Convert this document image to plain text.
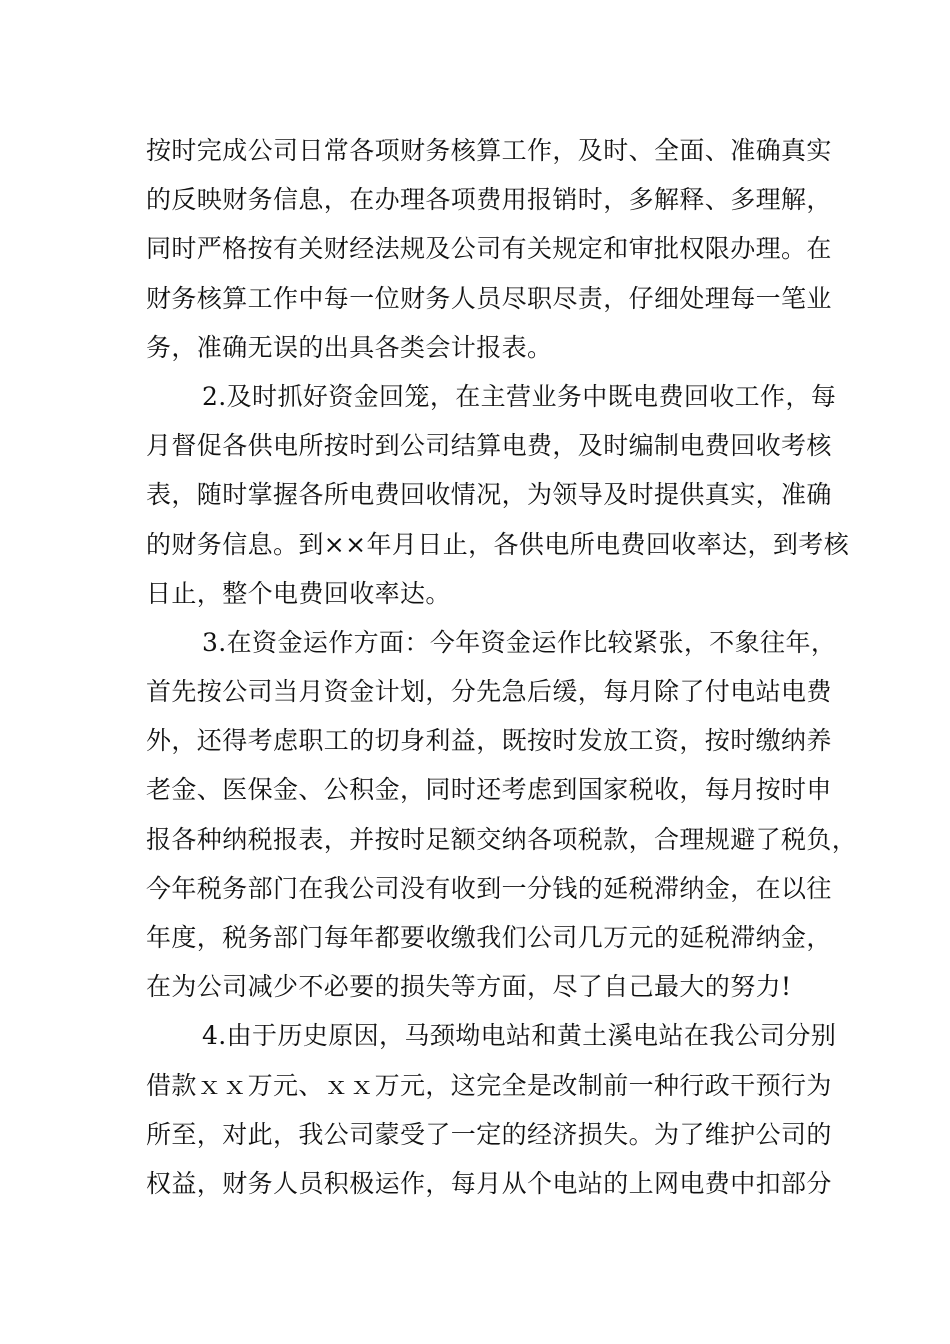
按时完成公司日常各项财务核算工作，及时、全面、准确真实
的反映财务信息，在办理各项费用报销时，多解释、多理解，
同时严格按有关财经法规及公司有关规定和审批权限办理。在
财务核算工作中每一位财务人员尽职尽责，仔细处理每一笔业
务，准确无误的出具各类会计报表。
2.及时抓好资金回笼，在主营业务中既电费回收工作，每
月督促各供电所按时到公司结算电费，及时编制电费回收考核
表，随时掌握各所电费回收情况，为领导及时提供真实，准确
的财务信息。到××年月日止，各供电所电费回收率达，到考核
日止，整个电费回收率达。
3.在资金运作方面：今年资金运作比较紧张，不象往年，
首先按公司当月资金计划，分先急后缓，每月除了付电站电费
外，还得考虑职工的切身利益，既按时发放工资，按时缴纳养
老金、医保金、公积金，同时还考虑到国家税收，每月按时申
报各种纳税报表，并按时足额交纳各项税款，合理规避了税负，
今年税务部门在我公司没有收到一分钱的延税滞纳金，在以往
年度，税务部门每年都要收缴我们公司几万元的延税滞纳金，
在为公司减少不必要的损失等方面，尽了自己最大的努力!
4.由于历史原因，马颈坳电站和黄土溪电站在我公司分别
借款ｘｘ万元、ｘｘ万元，这完全是改制前一种行政干预行为
所至，对此，我公司蒙受了一定的经济损失。为了维护公司的
权益，财务人员积极运作，每月从个电站的上网电费中扣部分
